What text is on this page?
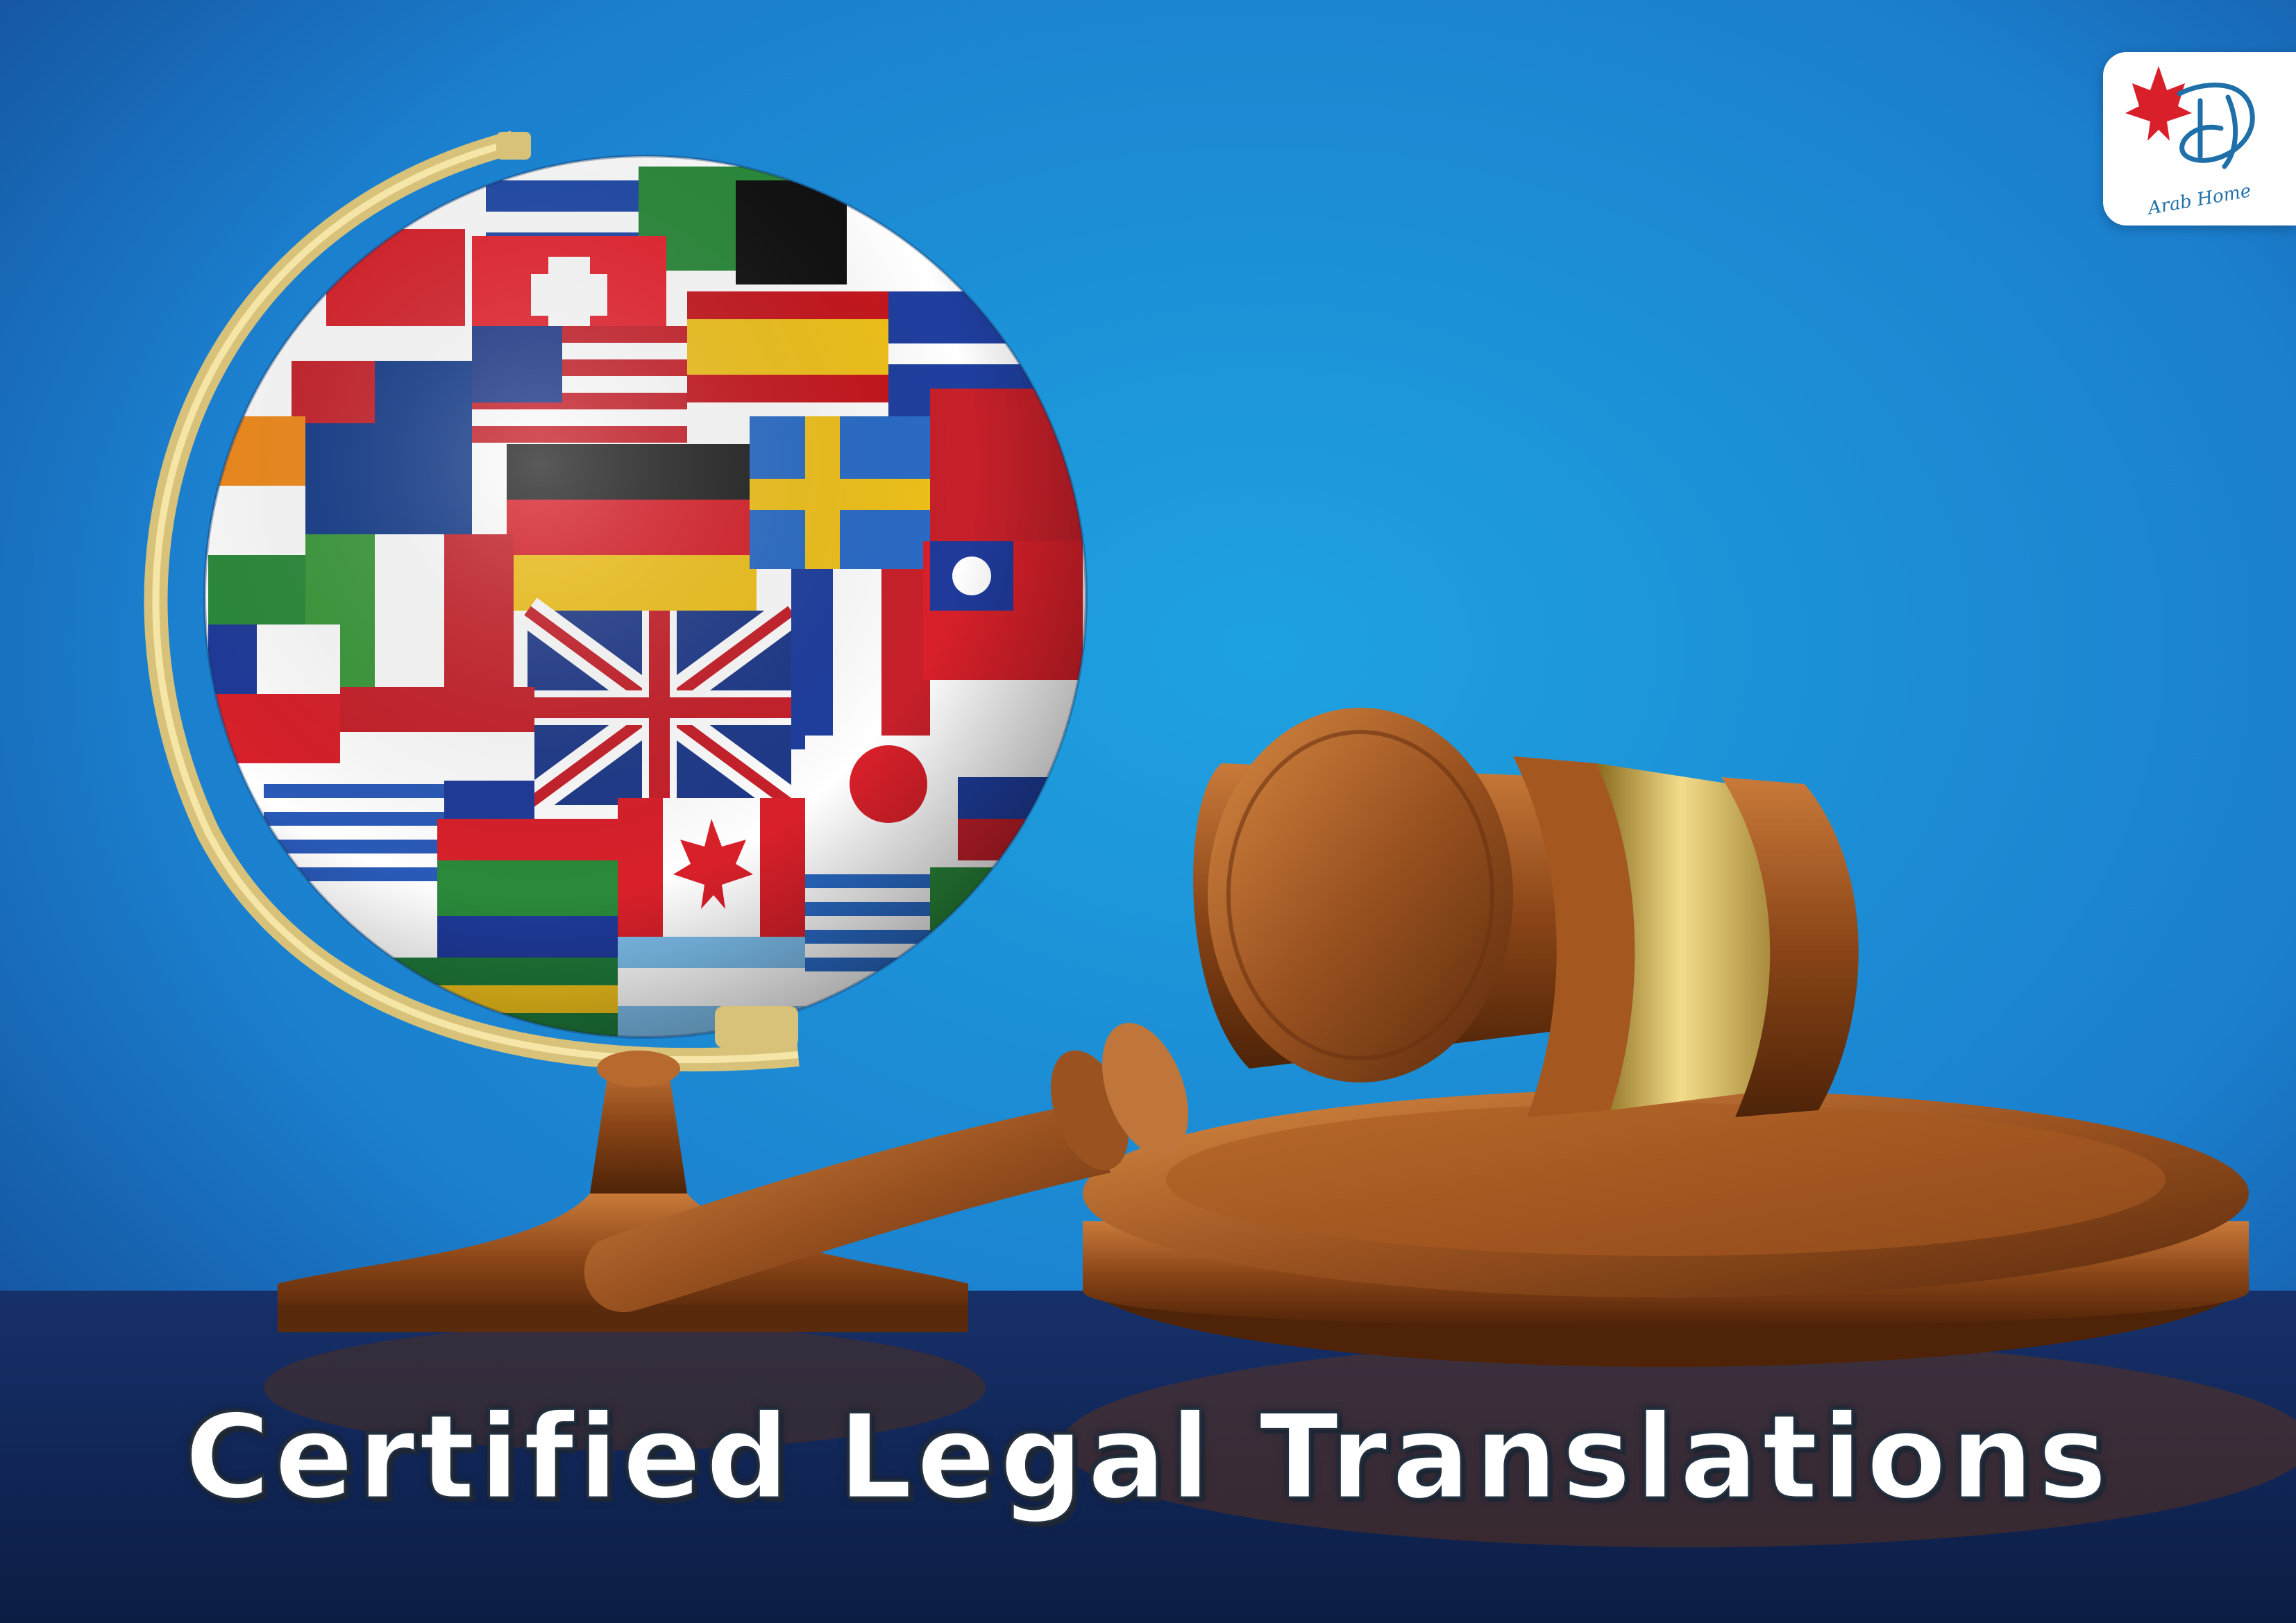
Certified Legal Translations
Arab Home
